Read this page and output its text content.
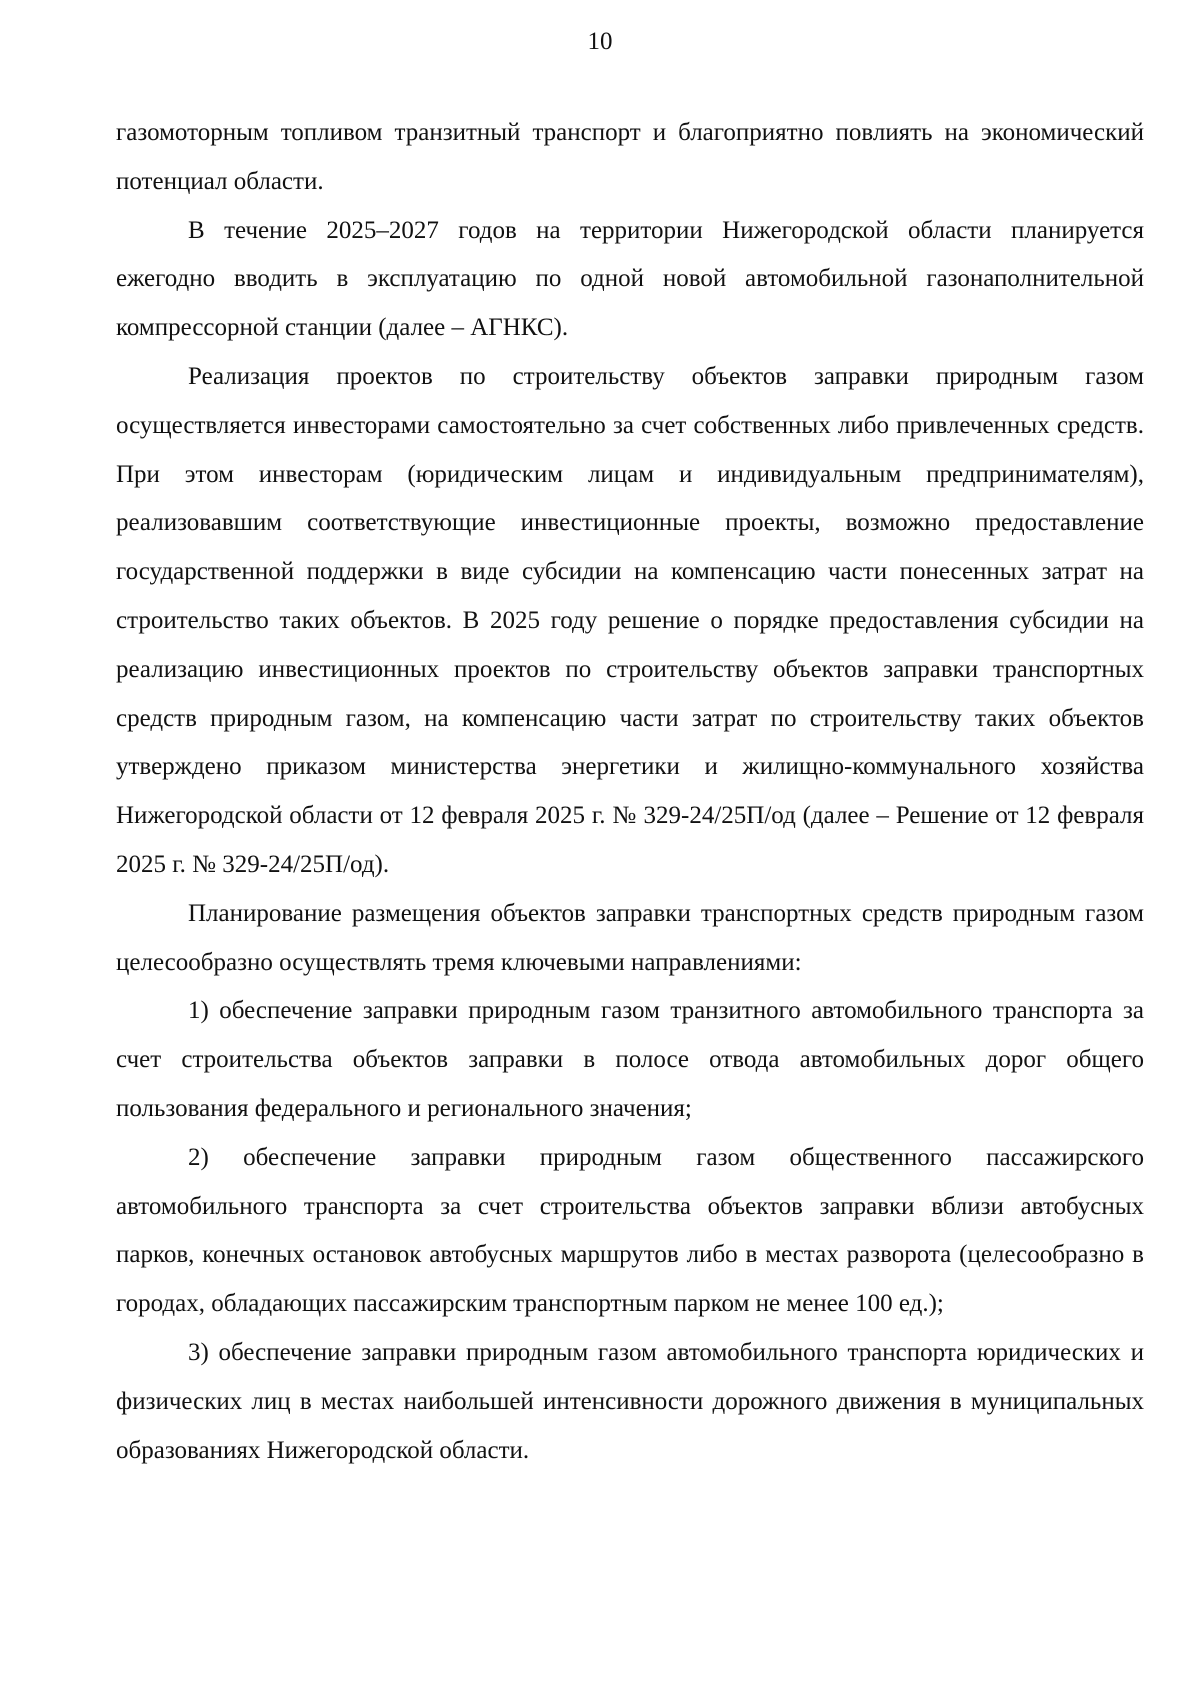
10

газомоторным топливом транзитный транспорт и благоприятно повлиять на экономический потенциал области.

В течение 2025–2027 годов на территории Нижегородской области планируется ежегодно вводить в эксплуатацию по одной новой автомобильной газонаполнительной компрессорной станции (далее – АГНКС).

Реализация проектов по строительству объектов заправки природным газом осуществляется инвесторами самостоятельно за счет собственных либо привлеченных средств. При этом инвесторам (юридическим лицам и индивидуальным предпринимателям), реализовавшим соответствующие инвестиционные проекты, возможно предоставление государственной поддержки в виде субсидии на компенсацию части понесенных затрат на строительство таких объектов. В 2025 году решение о порядке предоставления субсидии на реализацию инвестиционных проектов по строительству объектов заправки транспортных средств природным газом, на компенсацию части затрат по строительству таких объектов утверждено приказом министерства энергетики и жилищно-коммунального хозяйства Нижегородской области от 12 февраля 2025 г. № 329-24/25П/од (далее – Решение от 12 февраля 2025 г. № 329-24/25П/од).

Планирование размещения объектов заправки транспортных средств природным газом целесообразно осуществлять тремя ключевыми направлениями:

1) обеспечение заправки природным газом транзитного автомобильного транспорта за счет строительства объектов заправки в полосе отвода автомобильных дорог общего пользования федерального и регионального значения;

2) обеспечение заправки природным газом общественного пассажирского автомобильного транспорта за счет строительства объектов заправки вблизи автобусных парков, конечных остановок автобусных маршрутов либо в местах разворота (целесообразно в городах, обладающих пассажирским транспортным парком не менее 100 ед.);

3) обеспечение заправки природным газом автомобильного транспорта юридических и физических лиц в местах наибольшей интенсивности дорожного движения в муниципальных образованиях Нижегородской области.
